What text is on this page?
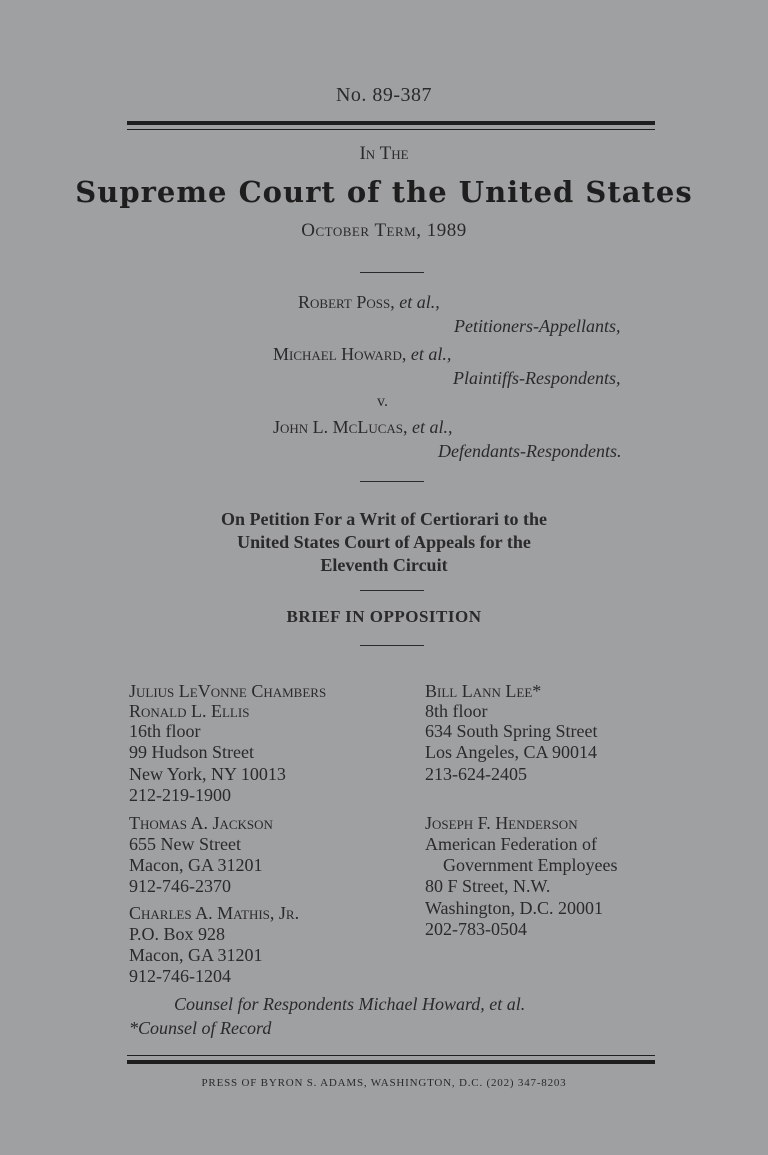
No. 89-387
In The
Supreme Court of the United States
October Term, 1989
Robert Poss, et al.,
Petitioners-Appellants,
Michael Howard, et al.,
Plaintiffs-Respondents,
v.
John L. McLucas, et al.,
Defendants-Respondents.
On Petition For a Writ of Certiorari to the
United States Court of Appeals for the
Eleventh Circuit
BRIEF IN OPPOSITION
Julius LeVonne Chambers
Ronald L. Ellis
16th floor
99 Hudson Street
New York, NY 10013
212-219-1900
Thomas A. Jackson
655 New Street
Macon, GA 31201
912-746-2370
Charles A. Mathis, Jr.
P.O. Box 928
Macon, GA 31201
912-746-1204
Bill Lann Lee*
8th floor
634 South Spring Street
Los Angeles, CA 90014
213-624-2405
Joseph F. Henderson
American Federation of
Government Employees
80 F Street, N.W.
Washington, D.C. 20001
202-783-0504
Counsel for Respondents Michael Howard, et al.
*Counsel of Record
PRESS OF BYRON S. ADAMS, WASHINGTON, D.C. (202) 347-8203
